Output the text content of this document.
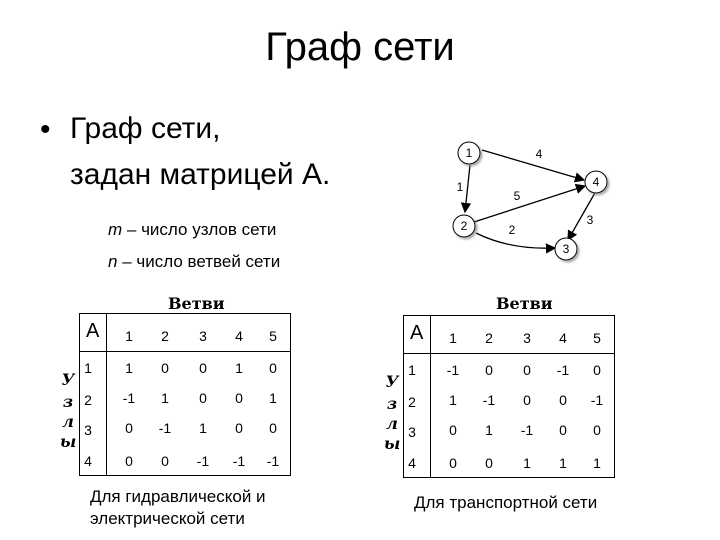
Граф сети
• Граф сети,
задан матрицей A.
m – число узлов сети
n – число ветвей сети
1
2
3
4
1
2
3
4
5
Ветви
У
з
л
ы
A	1	2	3	4	5
1
2
3
4
1	0	0	1	0
-1	1	0	0	1
0	-1	1	0	0
0	0	-1	-1	-1
Для гидравлической и
электрической сети
Ветви
У
з
л
ы
A	1	2	3	4	5
1
2
3
4
-1	0	0	-1	0
1	-1	0	0	-1
0	1	-1	0	0
0	0	1	1	1
Для транспортной сети
